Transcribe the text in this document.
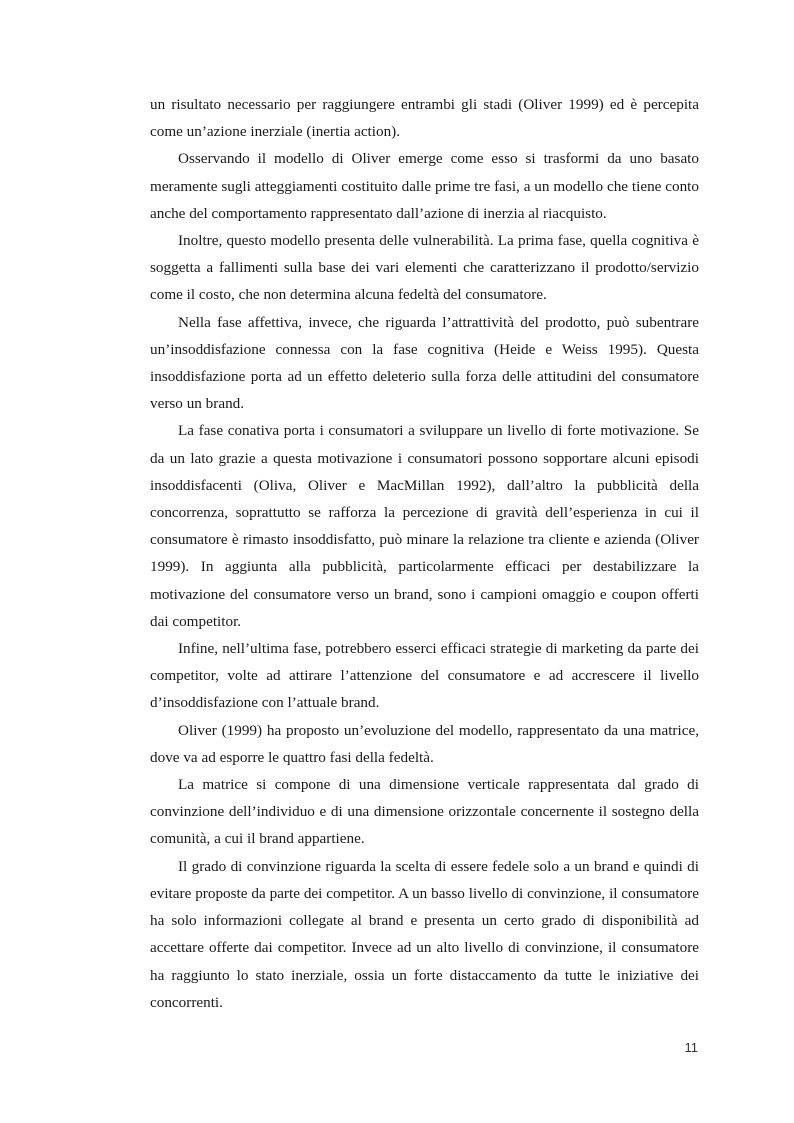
un risultato necessario per raggiungere entrambi gli stadi (Oliver 1999) ed è percepita come un’azione inerziale (inertia action).

Osservando il modello di Oliver emerge come esso si trasformi da uno basato meramente sugli atteggiamenti costituito dalle prime tre fasi, a un modello che tiene conto anche del comportamento rappresentato dall’azione di inerzia al riacquisto.

Inoltre, questo modello presenta delle vulnerabilità. La prima fase, quella cognitiva è soggetta a fallimenti sulla base dei vari elementi che caratterizzano il prodotto/servizio come il costo, che non determina alcuna fedeltà del consumatore.

Nella fase affettiva, invece, che riguarda l’attrattività del prodotto, può subentrare un’insoddisfazione connessa con la fase cognitiva (Heide e Weiss 1995). Questa insoddisfazione porta ad un effetto deleterio sulla forza delle attitudini del consumatore verso un brand.

La fase conativa porta i consumatori a sviluppare un livello di forte motivazione. Se da un lato grazie a questa motivazione i consumatori possono sopportare alcuni episodi insoddisfacenti (Oliva, Oliver e MacMillan 1992), dall’altro la pubblicità della concorrenza, soprattutto se rafforza la percezione di gravità dell’esperienza in cui il consumatore è rimasto insoddisfatto, può minare la relazione tra cliente e azienda (Oliver 1999). In aggiunta alla pubblicità, particolarmente efficaci per destabilizzare la motivazione del consumatore verso un brand, sono i campioni omaggio e coupon offerti dai competitor.

Infine, nell’ultima fase, potrebbero esserci efficaci strategie di marketing da parte dei competitor, volte ad attirare l’attenzione del consumatore e ad accrescere il livello d’insoddisfazione con l’attuale brand.

Oliver (1999) ha proposto un’evoluzione del modello, rappresentato da una matrice, dove va ad esporre le quattro fasi della fedeltà.

La matrice si compone di una dimensione verticale rappresentata dal grado di convinzione dell’individuo e di una dimensione orizzontale concernente il sostegno della comunità, a cui il brand appartiene.

Il grado di convinzione riguarda la scelta di essere fedele solo a un brand e quindi di evitare proposte da parte dei competitor. A un basso livello di convinzione, il consumatore ha solo informazioni collegate al brand e presenta un certo grado di disponibilità ad accettare offerte dai competitor. Invece ad un alto livello di convinzione, il consumatore ha raggiunto lo stato inerziale, ossia un forte distaccamento da tutte le iniziative dei concorrenti.

11
